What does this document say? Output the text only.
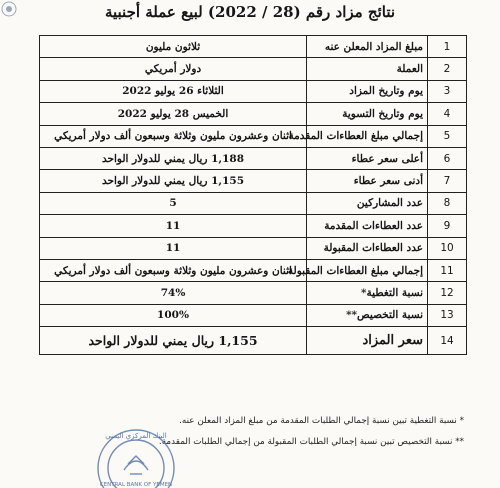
نتائج مزاد رقم (28 / 2022) لبيع عملة أجنبية
1	مبلغ المزاد المعلن عنه	ثلاثون مليون
2	العملة	دولار أمريكي
3	يوم وتاريخ المزاد	الثلاثاء 26 يوليو 2022
4	يوم وتاريخ التسوية	الخميس 28 يوليو 2022
5	إجمالي مبلغ العطاءات المقدمة	اثنان وعشرون مليون وثلاثة وسبعون ألف دولار أمريكي
6	أعلى سعر عطاء	1,188 ريال يمني للدولار الواحد
7	أدنى سعر عطاء	1,155 ريال يمني للدولار الواحد
8	عدد المشاركين	5
9	عدد العطاءات المقدمة	11
10	عدد العطاءات المقبولة	11
11	إجمالي مبلغ العطاءات المقبولة	اثنان وعشرون مليون وثلاثة وسبعون ألف دولار أمريكي
12	نسبة التغطية*	74%
13	نسبة التخصيص**	100%
14	سعر المزاد	1,155 ريال يمني للدولار الواحد
* نسبة التغطية تبين نسبة إجمالي الطلبات المقدمة من مبلغ المزاد المعلن عنه.
** نسبة التخصيص تبين نسبة إجمالي الطلبات المقبولة من إجمالي الطلبات المقدمة.
البنك المركزي اليمني
CENTRAL BANK OF YEMEN
